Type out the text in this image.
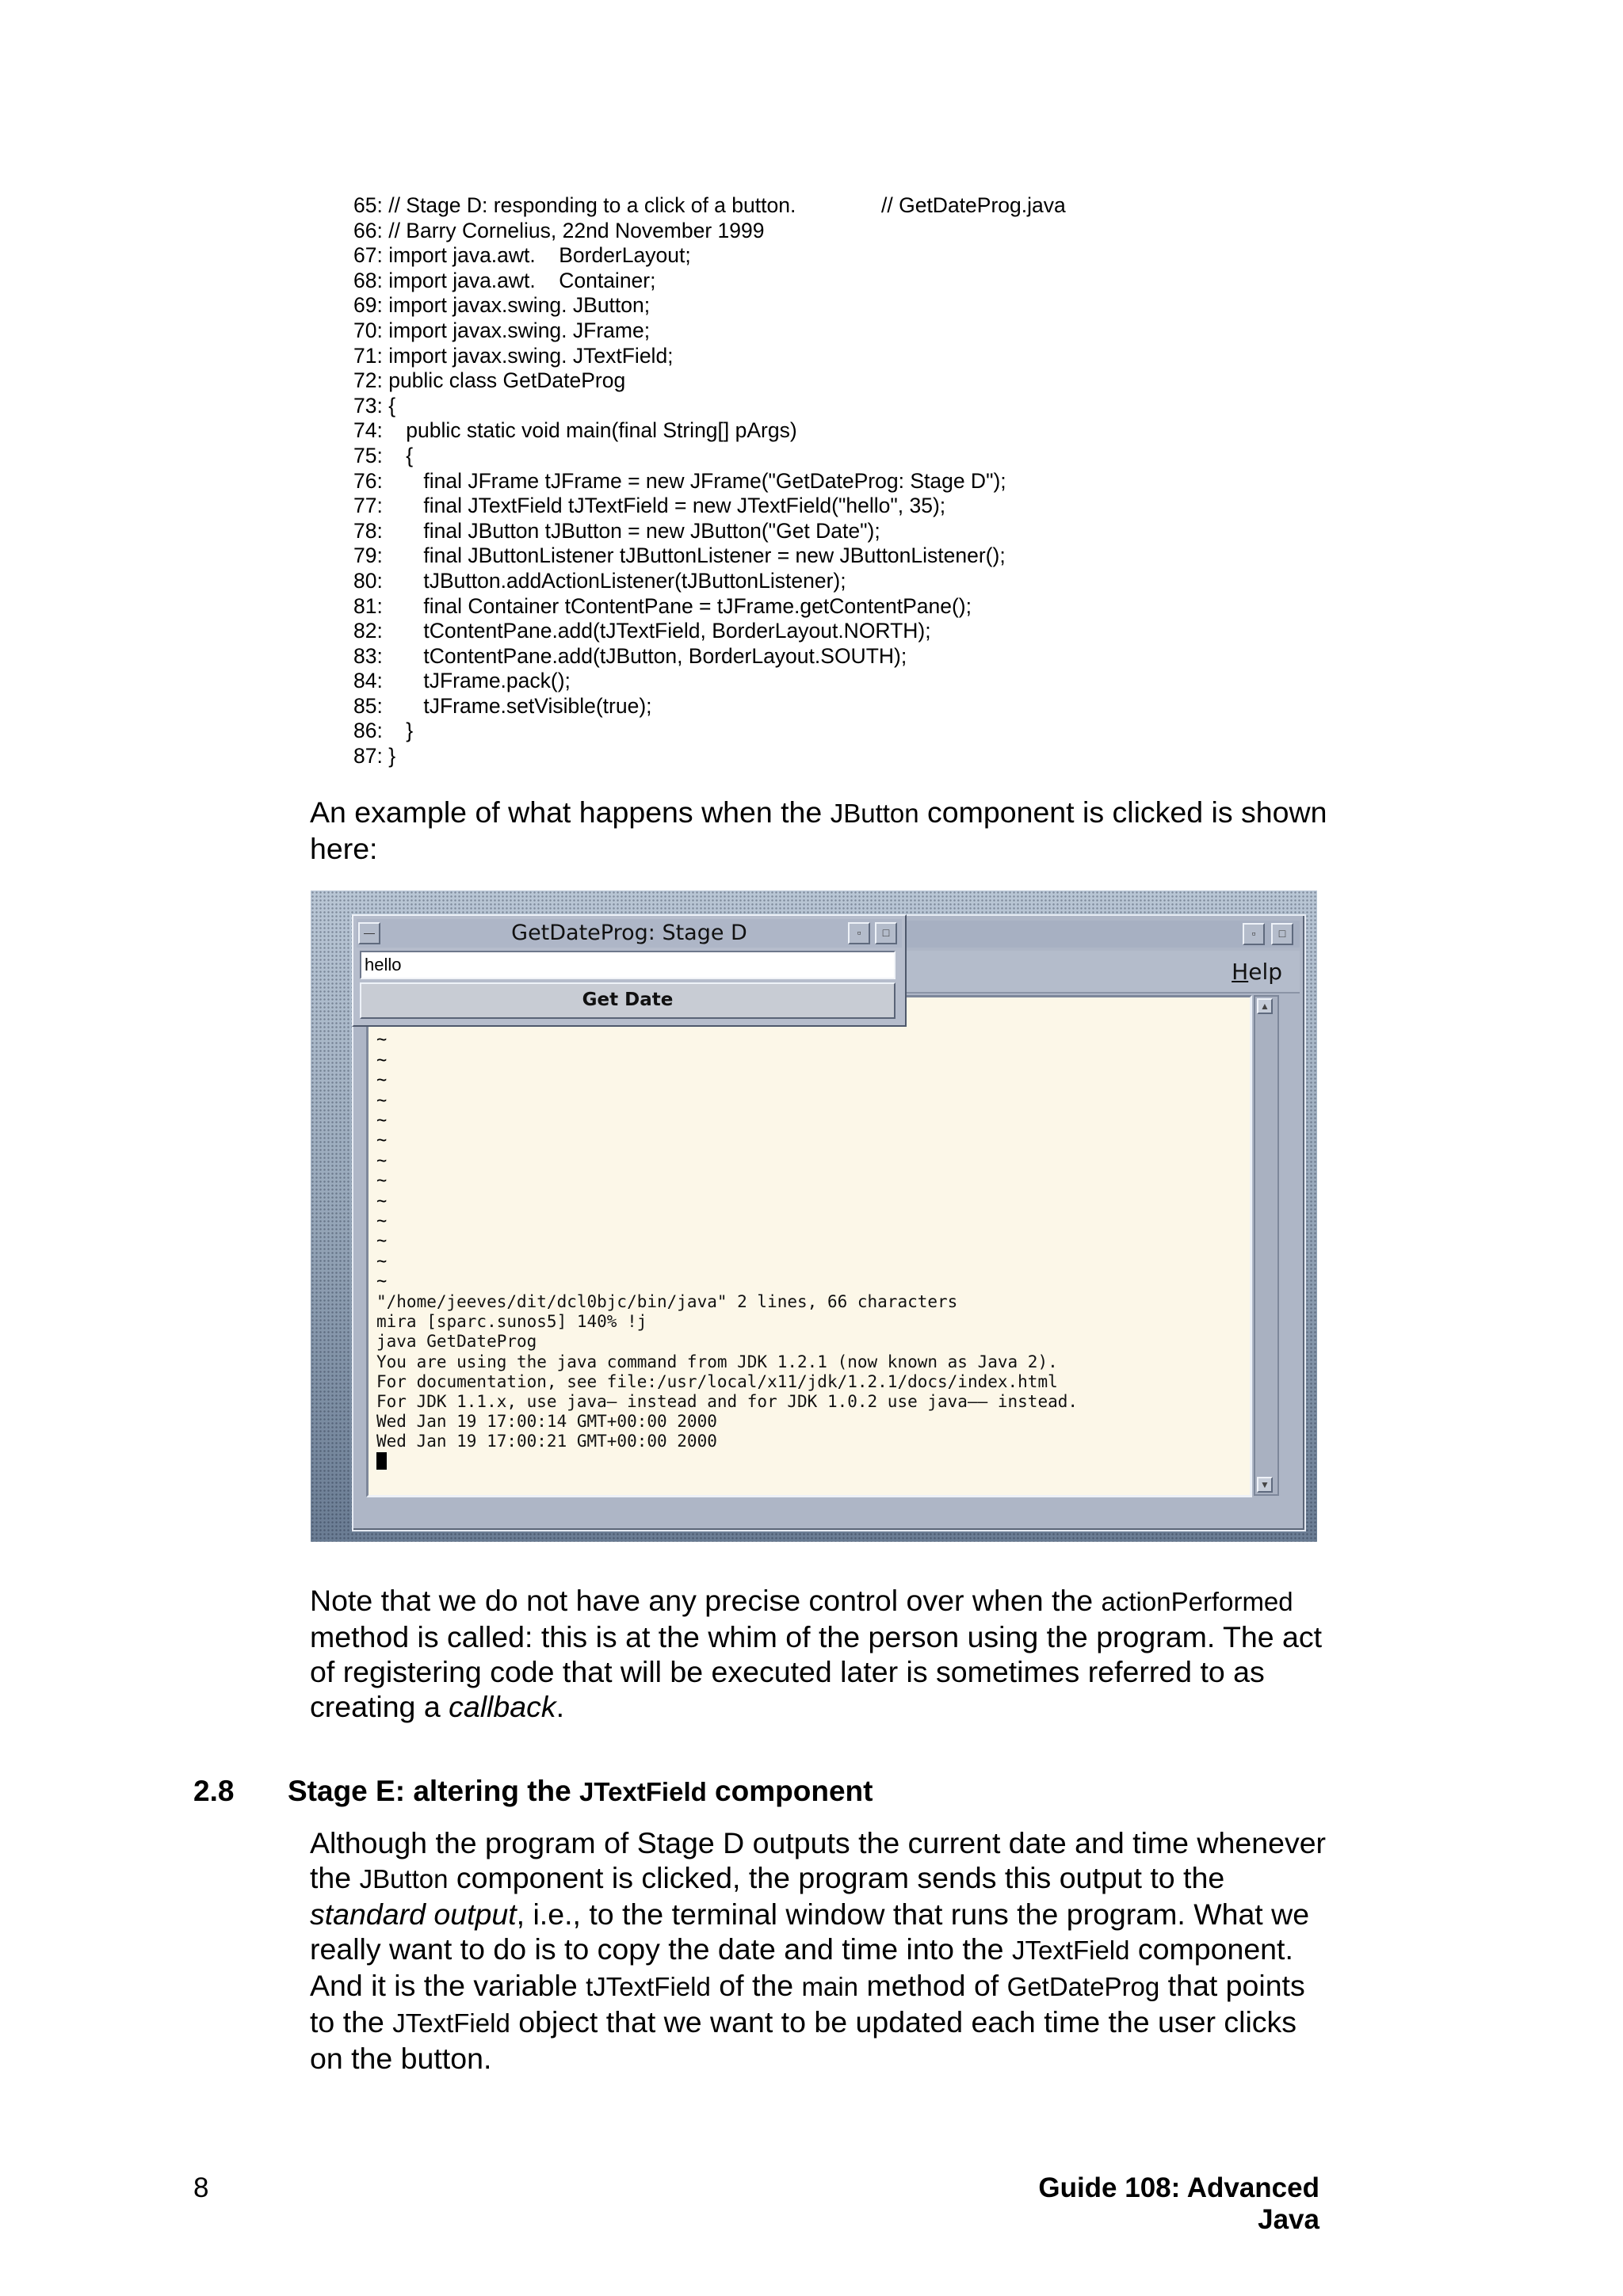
65: // Stage D: responding to a click of a button.	// GetDateProg.java
66: // Barry Cornelius, 22nd November 1999
67: import java.awt.    BorderLayout;
68: import java.awt.    Container;
69: import javax.swing. JButton;
70: import javax.swing. JFrame;
71: import javax.swing. JTextField;
72: public class GetDateProg
73: {
74:    public static void main(final String[] pArgs)
75:    {
76:       final JFrame tJFrame = new JFrame("GetDateProg: Stage D");
77:       final JTextField tJTextField = new JTextField("hello", 35);
78:       final JButton tJButton = new JButton("Get Date");
79:       final JButtonListener tJButtonListener = new JButtonListener();
80:       tJButton.addActionListener(tJButtonListener);
81:       final Container tContentPane = tJFrame.getContentPane();
82:       tContentPane.add(tJTextField, BorderLayout.NORTH);
83:       tContentPane.add(tJButton, BorderLayout.SOUTH);
84:       tJFrame.pack();
85:       tJFrame.setVisible(true);
86:    }
87: }
An example of what happens when the JButton component is clicked is shown here:
▫	□
Help
~
~
~
~
~
~
~
~
~
~
~
~
~
"/home/jeeves/dit/dcl0bjc/bin/java" 2 lines, 66 characters
mira [sparc.sunos5] 140% !j
java GetDateProg
You are using the java command from JDK 1.2.1 (now known as Java 2).
For documentation, see file:/usr/local/x11/jdk/1.2.1/docs/index.html
For JDK 1.1.x, use java— instead and for JDK 1.0.2 use java—— instead.
Wed Jan 19 17:00:14 GMT+00:00 2000
Wed Jan 19 17:00:21 GMT+00:00 2000
▲
▼
—	GetDateProg: Stage D	▫	□
hello
Get Date
Note that we do not have any precise control over when the actionPerformed method is called: this is at the whim of the person using the program. The act of registering code that will be executed later is sometimes referred to as creating a callback.
2.8 Stage E: altering the JTextField component
Although the program of Stage D outputs the current date and time whenever the JButton component is clicked, the program sends this output to the standard output, i.e., to the terminal window that runs the program. What we really want to do is to copy the date and time into the JTextField component. And it is the variable tJTextField of the main method of GetDateProg that points to the JTextField object that we want to be updated each time the user clicks on the button.
8	Guide 108: Advanced Java
